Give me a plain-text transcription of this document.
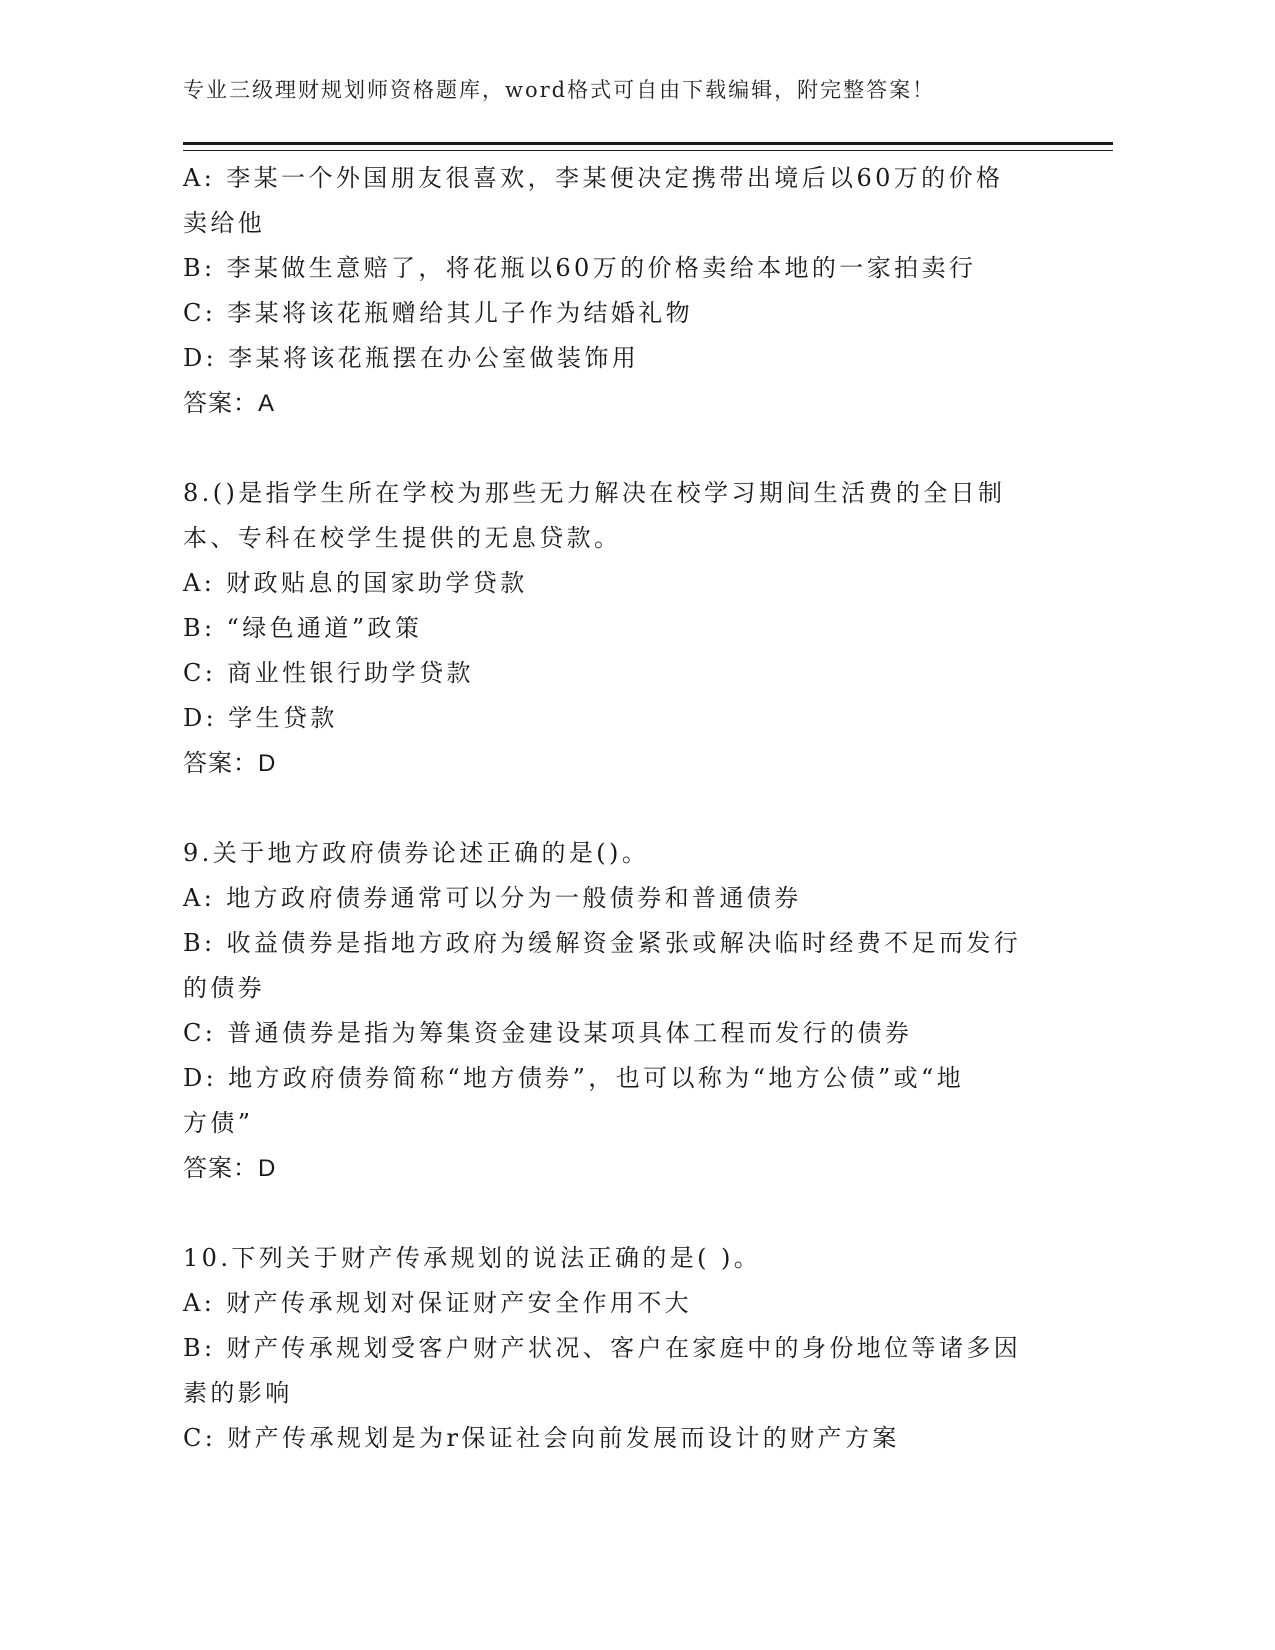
专业三级理财规划师资格题库，word格式可自由下载编辑，附完整答案！
A: 李某一个外国朋友很喜欢，李某便决定携带出境后以60万的价格
卖给他
B: 李某做生意赔了，将花瓶以60万的价格卖给本地的一家拍卖行
C: 李某将该花瓶赠给其儿子作为结婚礼物
D: 李某将该花瓶摆在办公室做装饰用
答案：A
8.()是指学生所在学校为那些无力解决在校学习期间生活费的全日制
本、专科在校学生提供的无息贷款。
A: 财政贴息的国家助学贷款
B: “绿色通道”政策
C: 商业性银行助学贷款
D: 学生贷款
答案：D
9.关于地方政府债券论述正确的是()。
A: 地方政府债券通常可以分为一般债券和普通债券
B: 收益债券是指地方政府为缓解资金紧张或解决临时经费不足而发行
的债券
C: 普通债券是指为筹集资金建设某项具体工程而发行的债券
D: 地方政府债券简称“地方债券”，也可以称为“地方公债”或“地
方债”
答案：D
10.下列关于财产传承规划的说法正确的是( )。
A: 财产传承规划对保证财产安全作用不大
B: 财产传承规划受客户财产状况、客户在家庭中的身份地位等诸多因
素的影响
C: 财产传承规划是为r保证社会向前发展而设计的财产方案
